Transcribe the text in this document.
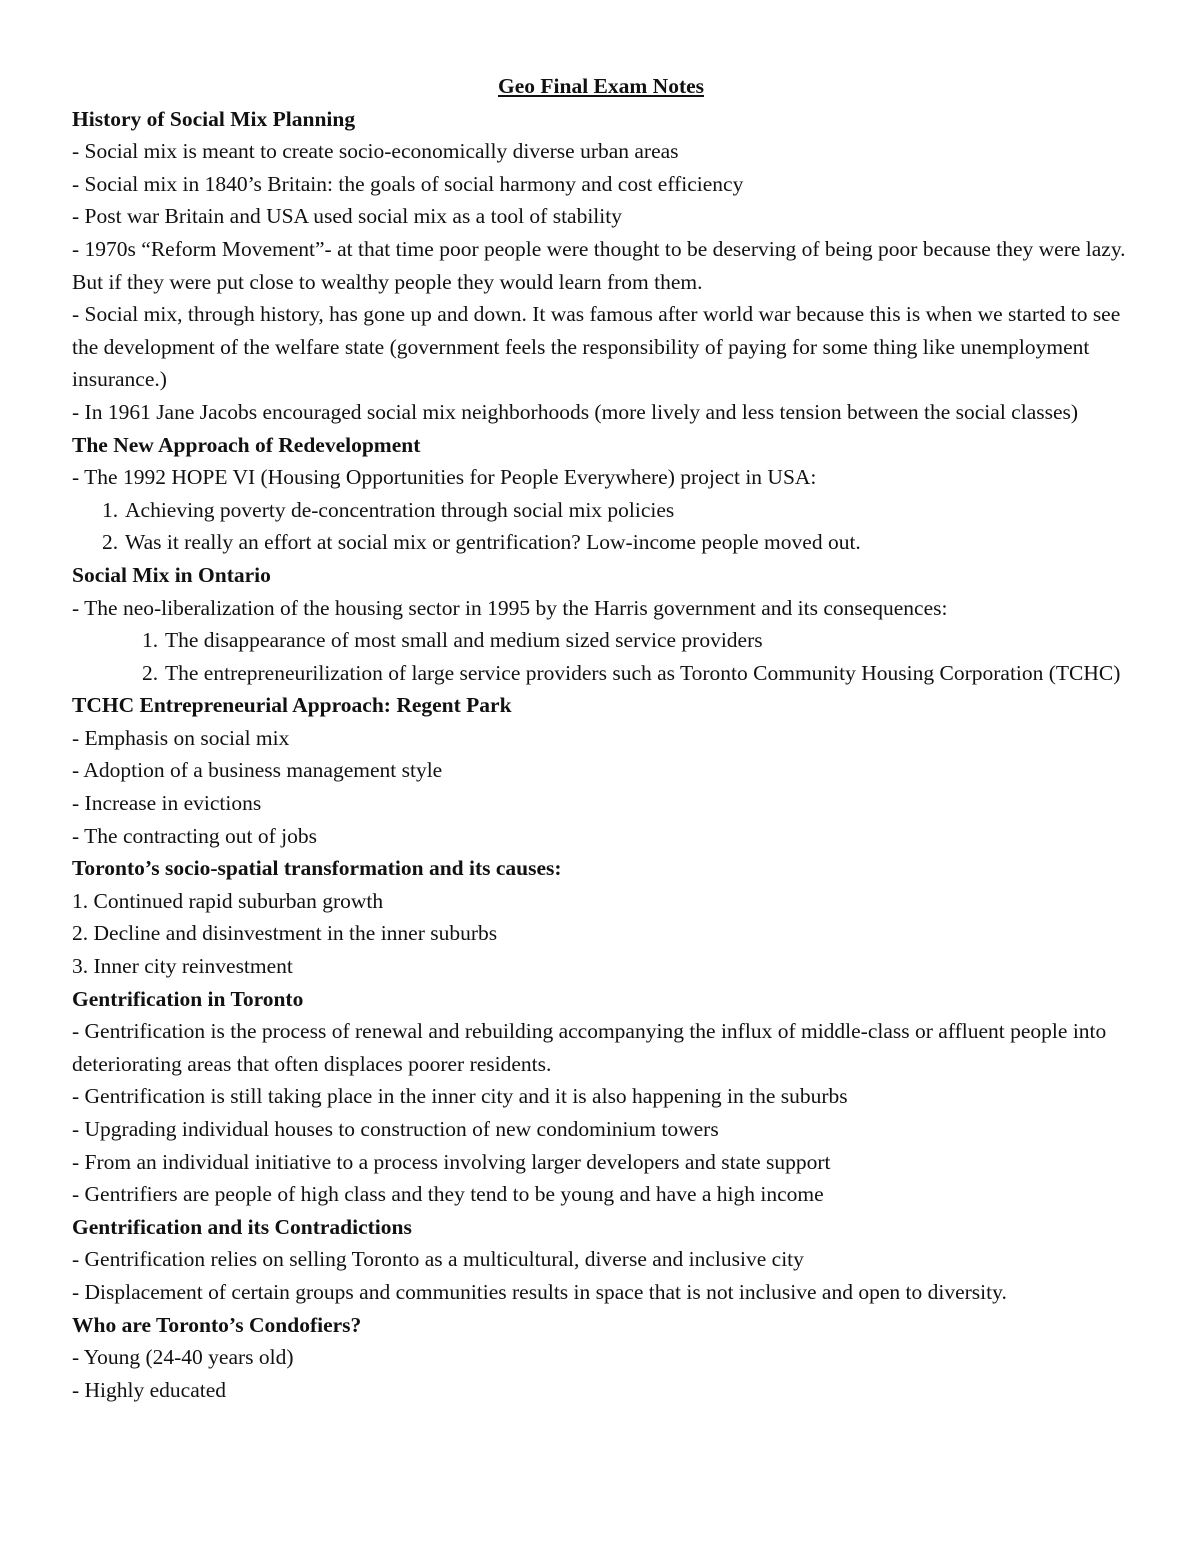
Geo Final Exam Notes

History of Social Mix Planning

- Social mix is meant to create socio-economically diverse urban areas

- Social mix in 1840’s Britain: the goals of social harmony and cost efficiency

- Post war Britain and USA used social mix as a tool of stability

- 1970s “Reform Movement”- at that time poor people were thought to be deserving of being poor because they were lazy. But if they were put close to wealthy people they would learn from them.

- Social mix, through history, has gone up and down. It was famous after world war because this is when we started to see the development of the welfare state (government feels the responsibility of paying for some thing like unemployment insurance.)

- In 1961 Jane Jacobs encouraged social mix neighborhoods (more lively and less tension between the social classes)

The New Approach of Redevelopment

- The 1992 HOPE VI (Housing Opportunities for People Everywhere) project in USA:

1. Achieving poverty de-concentration through social mix policies
2. Was it really an effort at social mix or gentrification? Low-income people moved out.

Social Mix in Ontario

- The neo-liberalization of the housing sector in 1995 by the Harris government and its consequences:

1. The disappearance of most small and medium sized service providers
2. The entrepreneurilization of large service providers such as Toronto Community Housing Corporation (TCHC)

TCHC Entrepreneurial Approach: Regent Park

- Emphasis on social mix

- Adoption of a business management style

- Increase in evictions

- The contracting out of jobs

Toronto’s socio-spatial transformation and its causes:

1. Continued rapid suburban growth

2. Decline and disinvestment in the inner suburbs

3. Inner city reinvestment

Gentrification in Toronto

- Gentrification is the process of renewal and rebuilding accompanying the influx of middle-class or affluent people into deteriorating areas that often displaces poorer residents.

- Gentrification is still taking place in the inner city and it is also happening in the suburbs

- Upgrading individual houses to construction of new condominium towers

- From an individual initiative to a process involving larger developers and state support

- Gentrifiers are people of high class and they tend to be young and have a high income

Gentrification and its Contradictions

- Gentrification relies on selling Toronto as a multicultural, diverse and inclusive city

- Displacement of certain groups and communities results in space that is not inclusive and open to diversity.

Who are Toronto’s Condofiers?

- Young (24-40 years old)

- Highly educated
